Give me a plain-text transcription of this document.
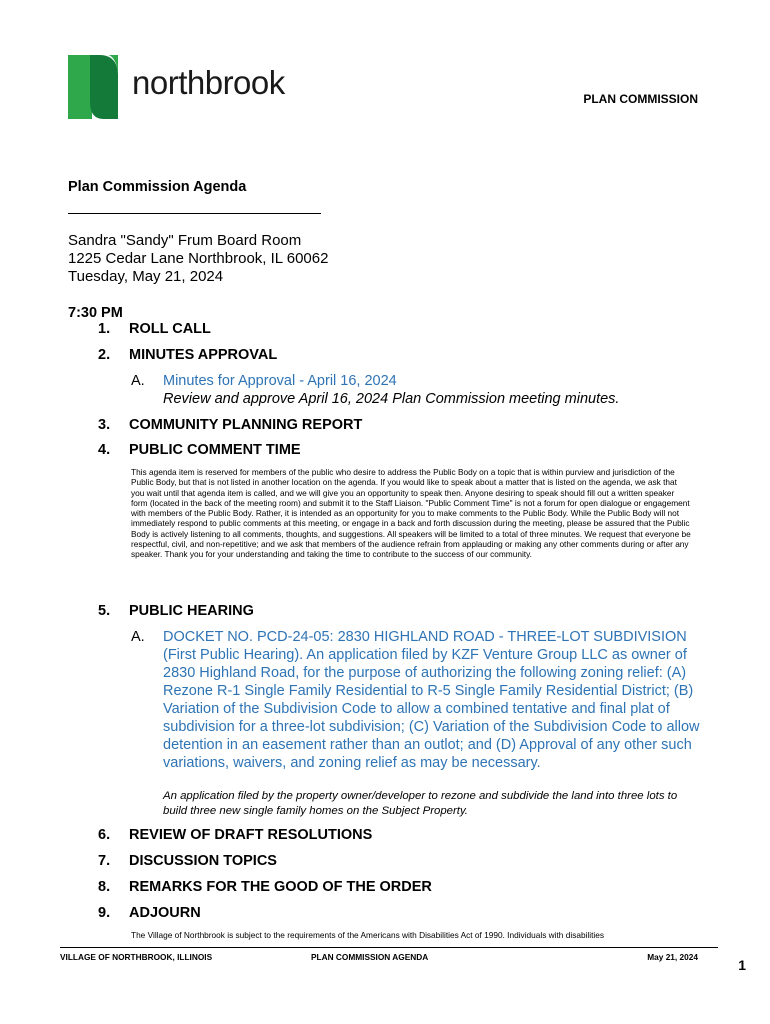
northbrook	PLAN COMMISSION
Plan Commission Agenda
Sandra "Sandy" Frum Board Room
1225 Cedar Lane Northbrook, IL 60062
Tuesday, May 21, 2024
7:30 PM
1. ROLL CALL
2. MINUTES APPROVAL
A. Minutes for Approval - April 16, 2024
Review and approve April 16, 2024 Plan Commission meeting minutes.
3. COMMUNITY PLANNING REPORT
4. PUBLIC COMMENT TIME
This agenda item is reserved for members of the public who desire to address the Public Body on a topic that is within purview and jurisdiction of the Public Body, but that is not listed in another location on the agenda. If you would like to speak about a matter that is listed on the agenda, we ask that you wait until that agenda item is called, and we will give you an opportunity to speak then. Anyone desiring to speak should fill out a written speaker form (located in the back of the meeting room) and submit it to the Staff Liaison. "Public Comment Time" is not a forum for open dialogue or engagement with members of the Public Body. Rather, it is intended as an opportunity for you to make comments to the Public Body. While the Public Body will not immediately respond to public comments at this meeting, or engage in a back and forth discussion during the meeting, please be assured that the Public Body is actively listening to all comments, thoughts, and suggestions. All speakers will be limited to a total of three minutes. We request that everyone be respectful, civil, and non-repetitive; and we ask that members of the audience refrain from applauding or making any other comments during or after any speaker. Thank you for your understanding and taking the time to contribute to the success of our community.
5. PUBLIC HEARING
A. DOCKET NO. PCD-24-05: 2830 HIGHLAND ROAD - THREE-LOT SUBDIVISION (First Public Hearing). An application filed by KZF Venture Group LLC as owner of 2830 Highland Road, for the purpose of authorizing the following zoning relief: (A) Rezone R-1 Single Family Residential to R-5 Single Family Residential District; (B) Variation of the Subdivision Code to allow a combined tentative and final plat of subdivision for a three-lot subdivision; (C) Variation of the Subdivision Code to allow detention in an easement rather than an outlot; and (D) Approval of any other such variations, waivers, and zoning relief as may be necessary.
An application filed by the property owner/developer to rezone and subdivide the land into three lots to build three new single family homes on the Subject Property.
6. REVIEW OF DRAFT RESOLUTIONS
7. DISCUSSION TOPICS
8. REMARKS FOR THE GOOD OF THE ORDER
9. ADJOURN
The Village of Northbrook is subject to the requirements of the Americans with Disabilities Act of 1990. Individuals with disabilities
VILLAGE OF NORTHBROOK, ILLINOIS	PLAN COMMISSION AGENDA	May 21, 2024	1
